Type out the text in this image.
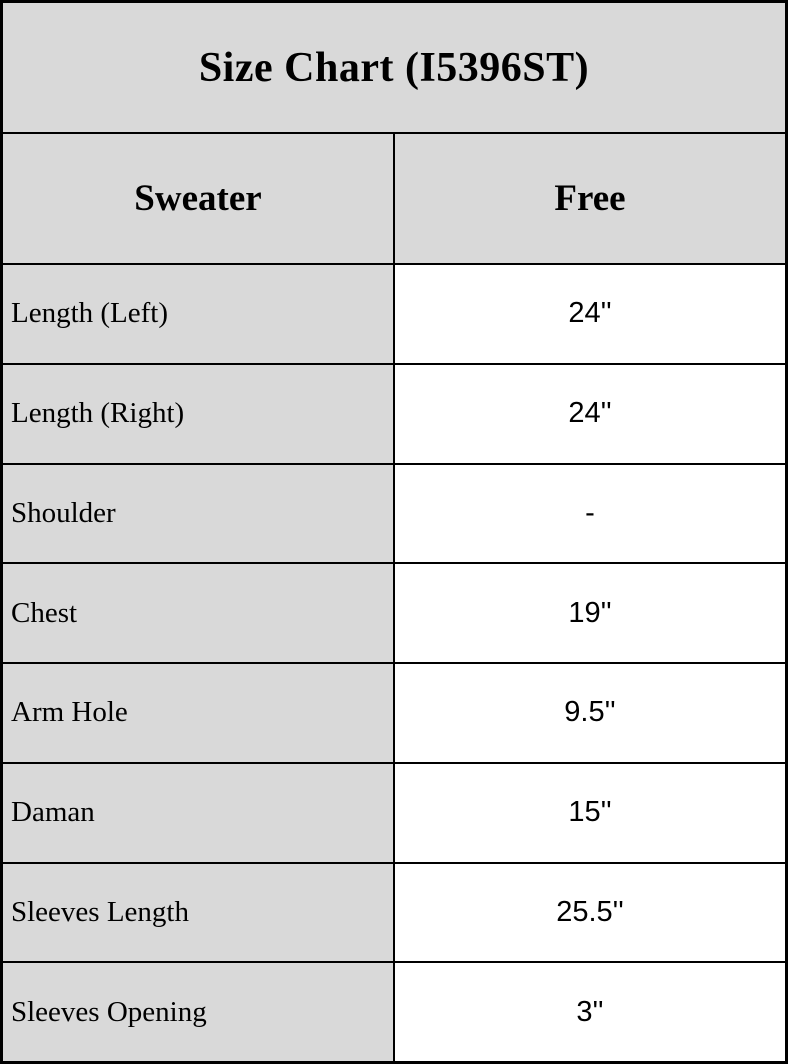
Size Chart (I5396ST)
Sweater	Free
Length (Left)	24''
Length (Right)	24''
Shoulder	-
Chest	19''
Arm Hole	9.5''
Daman	15''
Sleeves Length	25.5''
Sleeves Opening	3''
